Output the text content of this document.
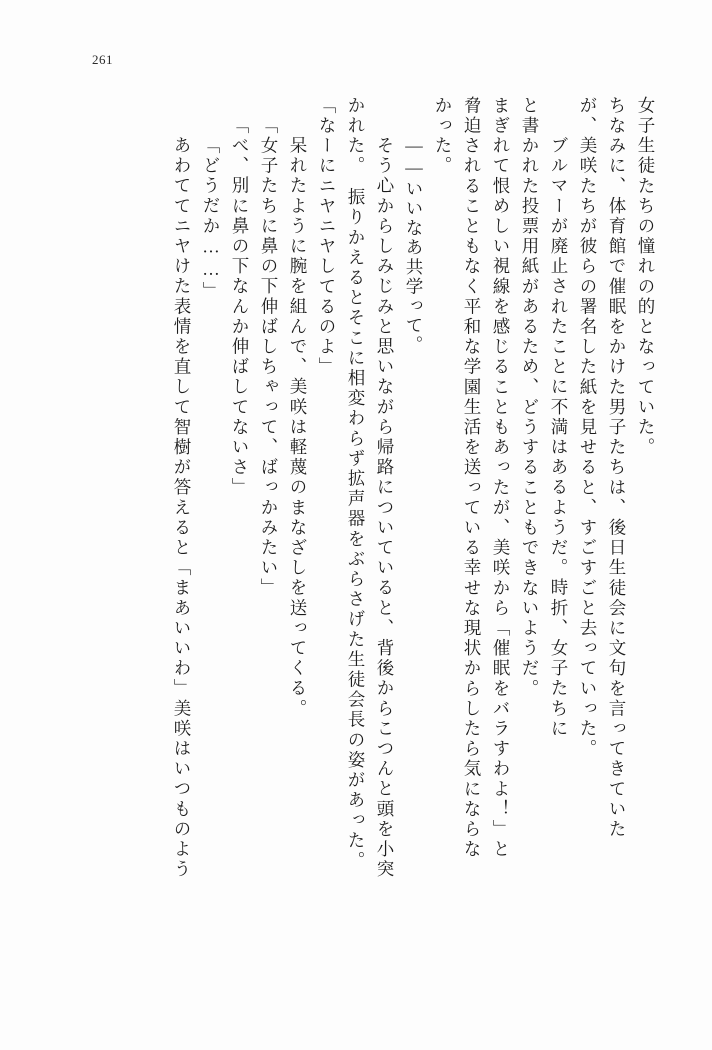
261
女子生徒たちの憧れの的となっていた。
ちなみに、体育館で催眠をかけた男子たちは、後日生徒会に文句を言ってきていた
が、美咲たちが彼らの署名した紙を見せると、すごすごと去っていった。
　ブルマーが廃止されたことに不満はあるようだ。時折、女子たちに
と書かれた投票用紙があるため、どうすることもできないようだ。
まぎれて恨めしい視線を感じることもあったが、美咲から「催眠をバラすわよ！」と
脅迫されることもなく平和な学園生活を送っている幸せな現状からしたら気にならな
かった。
　――いいなあ共学って。
　そう心からしみじみと思いながら帰路についていると、背後からこつんと頭を小突
かれた。　振りかえるとそこに相変わらず拡声器をぶらさげた生徒会長の姿があった。
「なーにニヤニヤしてるのよ」
　呆れたように腕を組んで、美咲は軽蔑のまなざしを送ってくる。
「女子たちに鼻の下伸ばしちゃって、ばっかみたい」
「べ、別に鼻の下なんか伸ばしてないさ」
「どうだか……」
　あわててニヤけた表情を直して智樹が答えると「まあいいわ」美咲はいつものよう
